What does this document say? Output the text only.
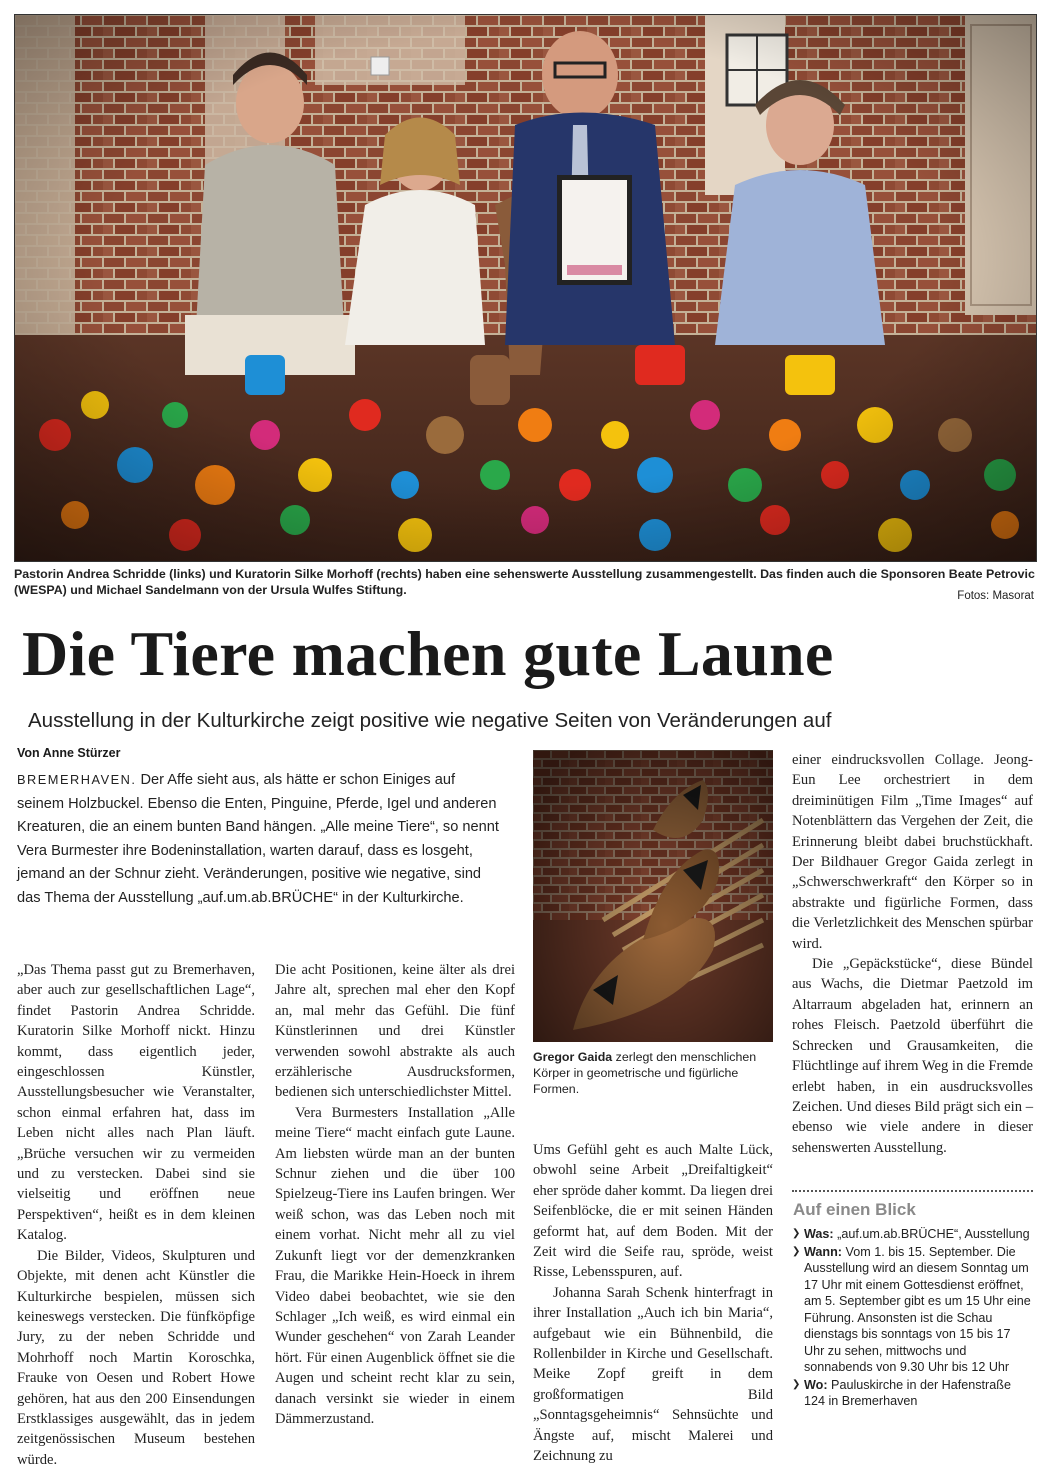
Pastorin Andrea Schridde (links) und Kuratorin Silke Morhoff (rechts) haben eine sehenswerte Ausstellung zusammengestellt. Das finden auch die Sponsoren Beate Petrovic (WESPA) und Michael Sandelmann von der Ursula Wulfes Stiftung.	Fotos: Masorat
Die Tiere machen gute Laune
Ausstellung in der Kulturkirche zeigt positive wie negative Seiten von Veränderungen auf
Von Anne Stürzer
BREMERHAVEN. Der Affe sieht aus, als hätte er schon Einiges auf seinem Holzbuckel. Ebenso die Enten, Pinguine, Pferde, Igel und anderen Kreaturen, die an einem bunten Band hängen. „Alle meine Tiere“, so nennt Vera Burmester ihre Bodeninstallation, warten darauf, dass es losgeht, jemand an der Schnur zieht. Veränderungen, positive wie negative, sind das Thema der Ausstellung „auf.um.ab.BRÜCHE“ in der Kulturkirche.

„Das Thema passt gut zu Bremerhaven, aber auch zur gesellschaftlichen Lage“, findet Pastorin Andrea Schridde. Kuratorin Silke Morhoff nickt. Hinzu kommt, dass eigentlich jeder, eingeschlossen Künstler, Ausstellungsbesucher wie Veranstalter, schon einmal erfahren hat, dass im Leben nicht alles nach Plan läuft. „Brüche versuchen wir zu vermeiden und zu verstecken. Dabei sind sie vielseitig und eröffnen neue Perspektiven“, heißt es in dem kleinen Katalog.

Die Bilder, Videos, Skulpturen und Objekte, mit denen acht Künstler die Kulturkirche bespielen, müssen sich keineswegs verstecken. Die fünfköpfige Jury, zu der neben Schridde und Mohrhoff noch Martin Koroschka, Frauke von Oesen und Robert Howe gehören, hat aus den 200 Einsendungen Erstklassiges ausgewählt, das in jedem zeitgenössischen Museum bestehen würde.

Die acht Positionen, keine älter als drei Jahre alt, sprechen mal eher den Kopf an, mal mehr das Gefühl. Die fünf Künstlerinnen und drei Künstler verwenden sowohl abstrakte als auch erzählerische Ausdrucksformen, bedienen sich unterschiedlichster Mittel.

Vera Burmesters Installation „Alle meine Tiere“ macht einfach gute Laune. Am liebsten würde man an der bunten Schnur ziehen und die über 100 Spielzeug-Tiere ins Laufen bringen. Wer weiß schon, was das Leben noch mit einem vorhat. Nicht mehr all zu viel Zukunft liegt vor der demenzkranken Frau, die Marikke Hein-Hoeck in ihrem Video dabei beobachtet, wie sie den Schlager „Ich weiß, es wird einmal ein Wunder geschehen“ von Zarah Leander hört. Für einen Augenblick öffnet sie die Augen und scheint recht klar zu sein, danach versinkt sie wieder in einem Dämmerzustand.

Gregor Gaida zerlegt den menschlichen Körper in geometrische und figürliche Formen.

Ums Gefühl geht es auch Malte Lück, obwohl seine Arbeit „Dreifaltigkeit“ eher spröde daher kommt. Da liegen drei Seifenblöcke, die er mit seinen Händen geformt hat, auf dem Boden. Mit der Zeit wird die Seife rau, spröde, weist Risse, Lebensspuren, auf.

Johanna Sarah Schenk hinterfragt in ihrer Installation „Auch ich bin Maria“, aufgebaut wie ein Bühnenbild, die Rollenbilder in Kirche und Gesellschaft. Meike Zopf greift in dem großformatigen Bild „Sonntagsgeheimnis“ Sehnsüchte und Ängste auf, mischt Malerei und Zeichnung zu

einer eindrucksvollen Collage. Jeong-Eun Lee orchestriert in dem dreiminütigen Film „Time Images“ auf Notenblättern das Vergehen der Zeit, die Erinnerung bleibt dabei bruchstückhaft. Der Bildhauer Gregor Gaida zerlegt in „Schwerschwerkraft“ den Körper so in abstrakte und figürliche Formen, dass die Verletzlichkeit des Menschen spürbar wird.

Die „Gepäckstücke“, diese Bündel aus Wachs, die Dietmar Paetzold im Altarraum abgeladen hat, erinnern an rohes Fleisch. Paetzold überführt die Schrecken und Grausamkeiten, die Flüchtlinge auf ihrem Weg in die Fremde erlebt haben, in ein ausdrucksvolles Zeichen. Und dieses Bild prägt sich ein – ebenso wie viele andere in dieser sehenswerten Ausstellung.

Auf einen Blick
❯ Was: „auf.um.ab.BRÜCHE“, Ausstellung
❯ Wann: Vom 1. bis 15. September. Die Ausstellung wird an diesem Sonntag um 17 Uhr mit einem Gottesdienst eröffnet, am 5. September gibt es um 15 Uhr eine Führung. Ansonsten ist die Schau dienstags bis sonntags von 15 bis 17 Uhr zu sehen, mittwochs und sonnabends von 9.30 Uhr bis 12 Uhr
❯ Wo: Pauluskirche in der Hafenstraße 124 in Bremerhaven
